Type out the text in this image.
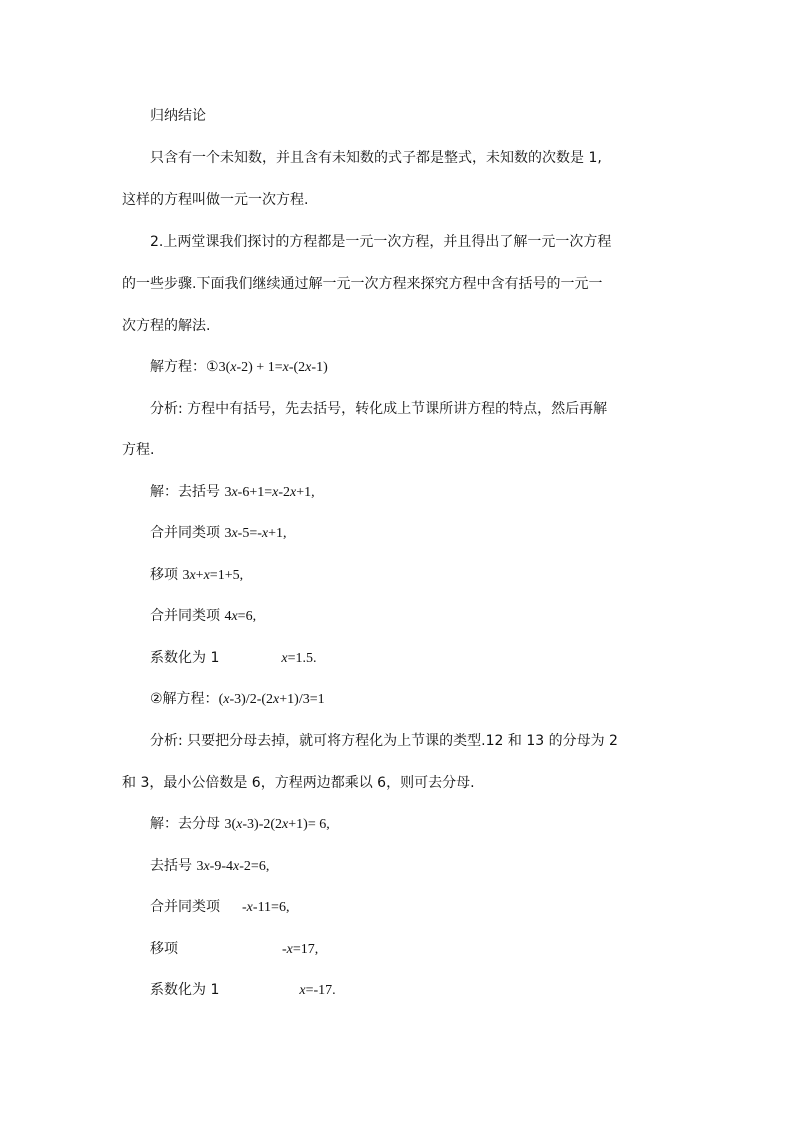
归纳结论
只含有一个未知数，并且含有未知数的式子都是整式，未知数的次数是 1,
这样的方程叫做一元一次方程.
2.上两堂课我们探讨的方程都是一元一次方程，并且得出了解一元一次方程
的一些步骤.下面我们继续通过解一元一次方程来探究方程中含有括号的一元一
次方程的解法.
解方程：①3(x-2) + 1=x-(2x-1)
分析: 方程中有括号，先去括号，转化成上节课所讲方程的特点，然后再解
方程.
解：去括号 3x-6+1=x-2x+1,
合并同类项 3x-5=-x+1,
移项 3x+x=1+5,
合并同类项 4x=6,
系数化为 1	x=1.5.
②解方程：(x-3)/2-(2x+1)/3=1
分析: 只要把分母去掉，就可将方程化为上节课的类型.12 和 13 的分母为 2
和 3，最小公倍数是 6，方程两边都乘以 6，则可去分母.
解：去分母 3(x-3)-2(2x+1)= 6,
去括号 3x-9-4x-2=6,
合并同类项 -x-11=6,
移项	-x=17,
系数化为 1	x=-17.
